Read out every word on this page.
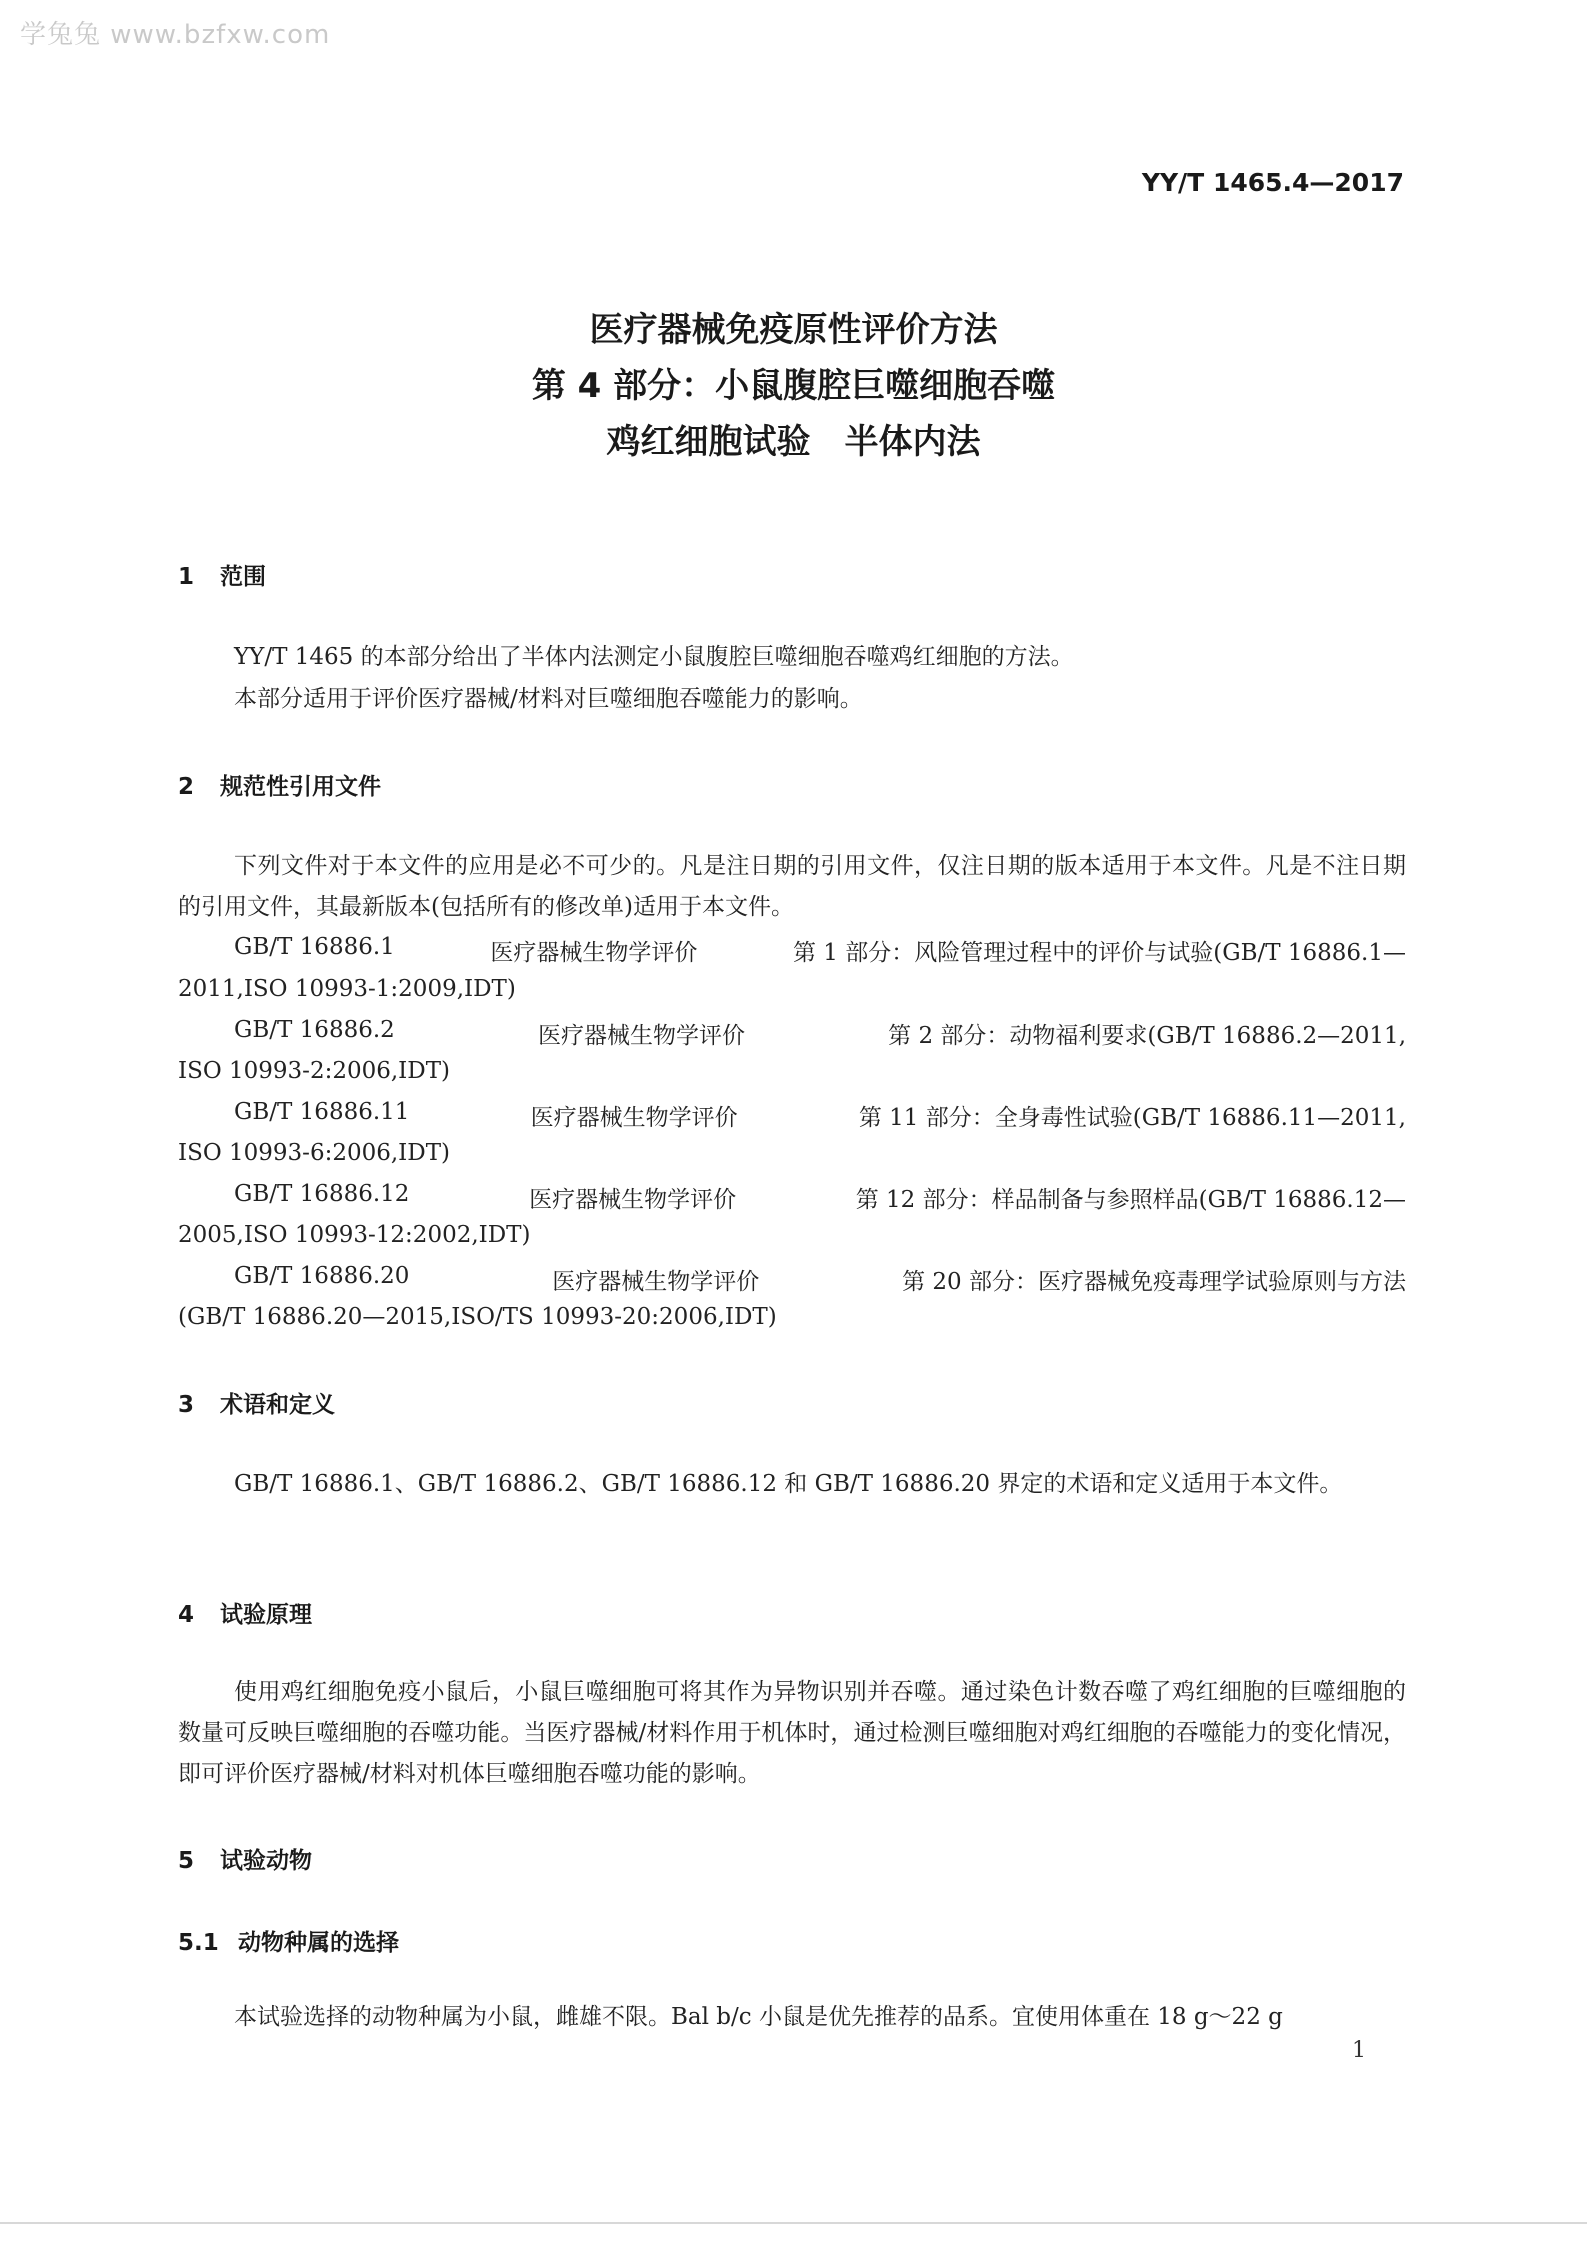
学兔兔 www.bzfxw.com
YY/T 1465.4—2017
医疗器械免疫原性评价方法
第 4 部分：小鼠腹腔巨噬细胞吞噬
鸡红细胞试验　半体内法
1 范围
YY/T 1465 的本部分给出了半体内法测定小鼠腹腔巨噬细胞吞噬鸡红细胞的方法。
本部分适用于评价医疗器械/材料对巨噬细胞吞噬能力的影响。
2 规范性引用文件
下列文件对于本文件的应用是必不可少的。凡是注日期的引用文件，仅注日期的版本适用于本文件。凡是不注日期的引用文件，其最新版本(包括所有的修改单)适用于本文件。
GB/T 16886.1	医疗器械生物学评价	第 1 部分：风险管理过程中的评价与试验(GB/T 16886.1—
2011,ISO 10993-1:2009,IDT)
GB/T 16886.2	医疗器械生物学评价	第 2 部分：动物福利要求(GB/T 16886.2—2011,
ISO 10993-2:2006,IDT)
GB/T 16886.11	医疗器械生物学评价	第 11 部分：全身毒性试验(GB/T 16886.11—2011,
ISO 10993-6:2006,IDT)
GB/T 16886.12	医疗器械生物学评价	第 12 部分：样品制备与参照样品(GB/T 16886.12—
2005,ISO 10993-12:2002,IDT)
GB/T 16886.20	医疗器械生物学评价	第 20 部分：医疗器械免疫毒理学试验原则与方法
(GB/T 16886.20—2015,ISO/TS 10993-20:2006,IDT)
3 术语和定义
GB/T 16886.1、GB/T 16886.2、GB/T 16886.12 和 GB/T 16886.20 界定的术语和定义适用于本文件。
4 试验原理
使用鸡红细胞免疫小鼠后，小鼠巨噬细胞可将其作为异物识别并吞噬。通过染色计数吞噬了鸡红细胞的巨噬细胞的数量可反映巨噬细胞的吞噬功能。当医疗器械/材料作用于机体时，通过检测巨噬细胞对鸡红细胞的吞噬能力的变化情况，即可评价医疗器械/材料对机体巨噬细胞吞噬功能的影响。
5 试验动物
5.1 动物种属的选择
本试验选择的动物种属为小鼠，雌雄不限。Bal b/c 小鼠是优先推荐的品系。宜使用体重在 18 g～22 g
1
